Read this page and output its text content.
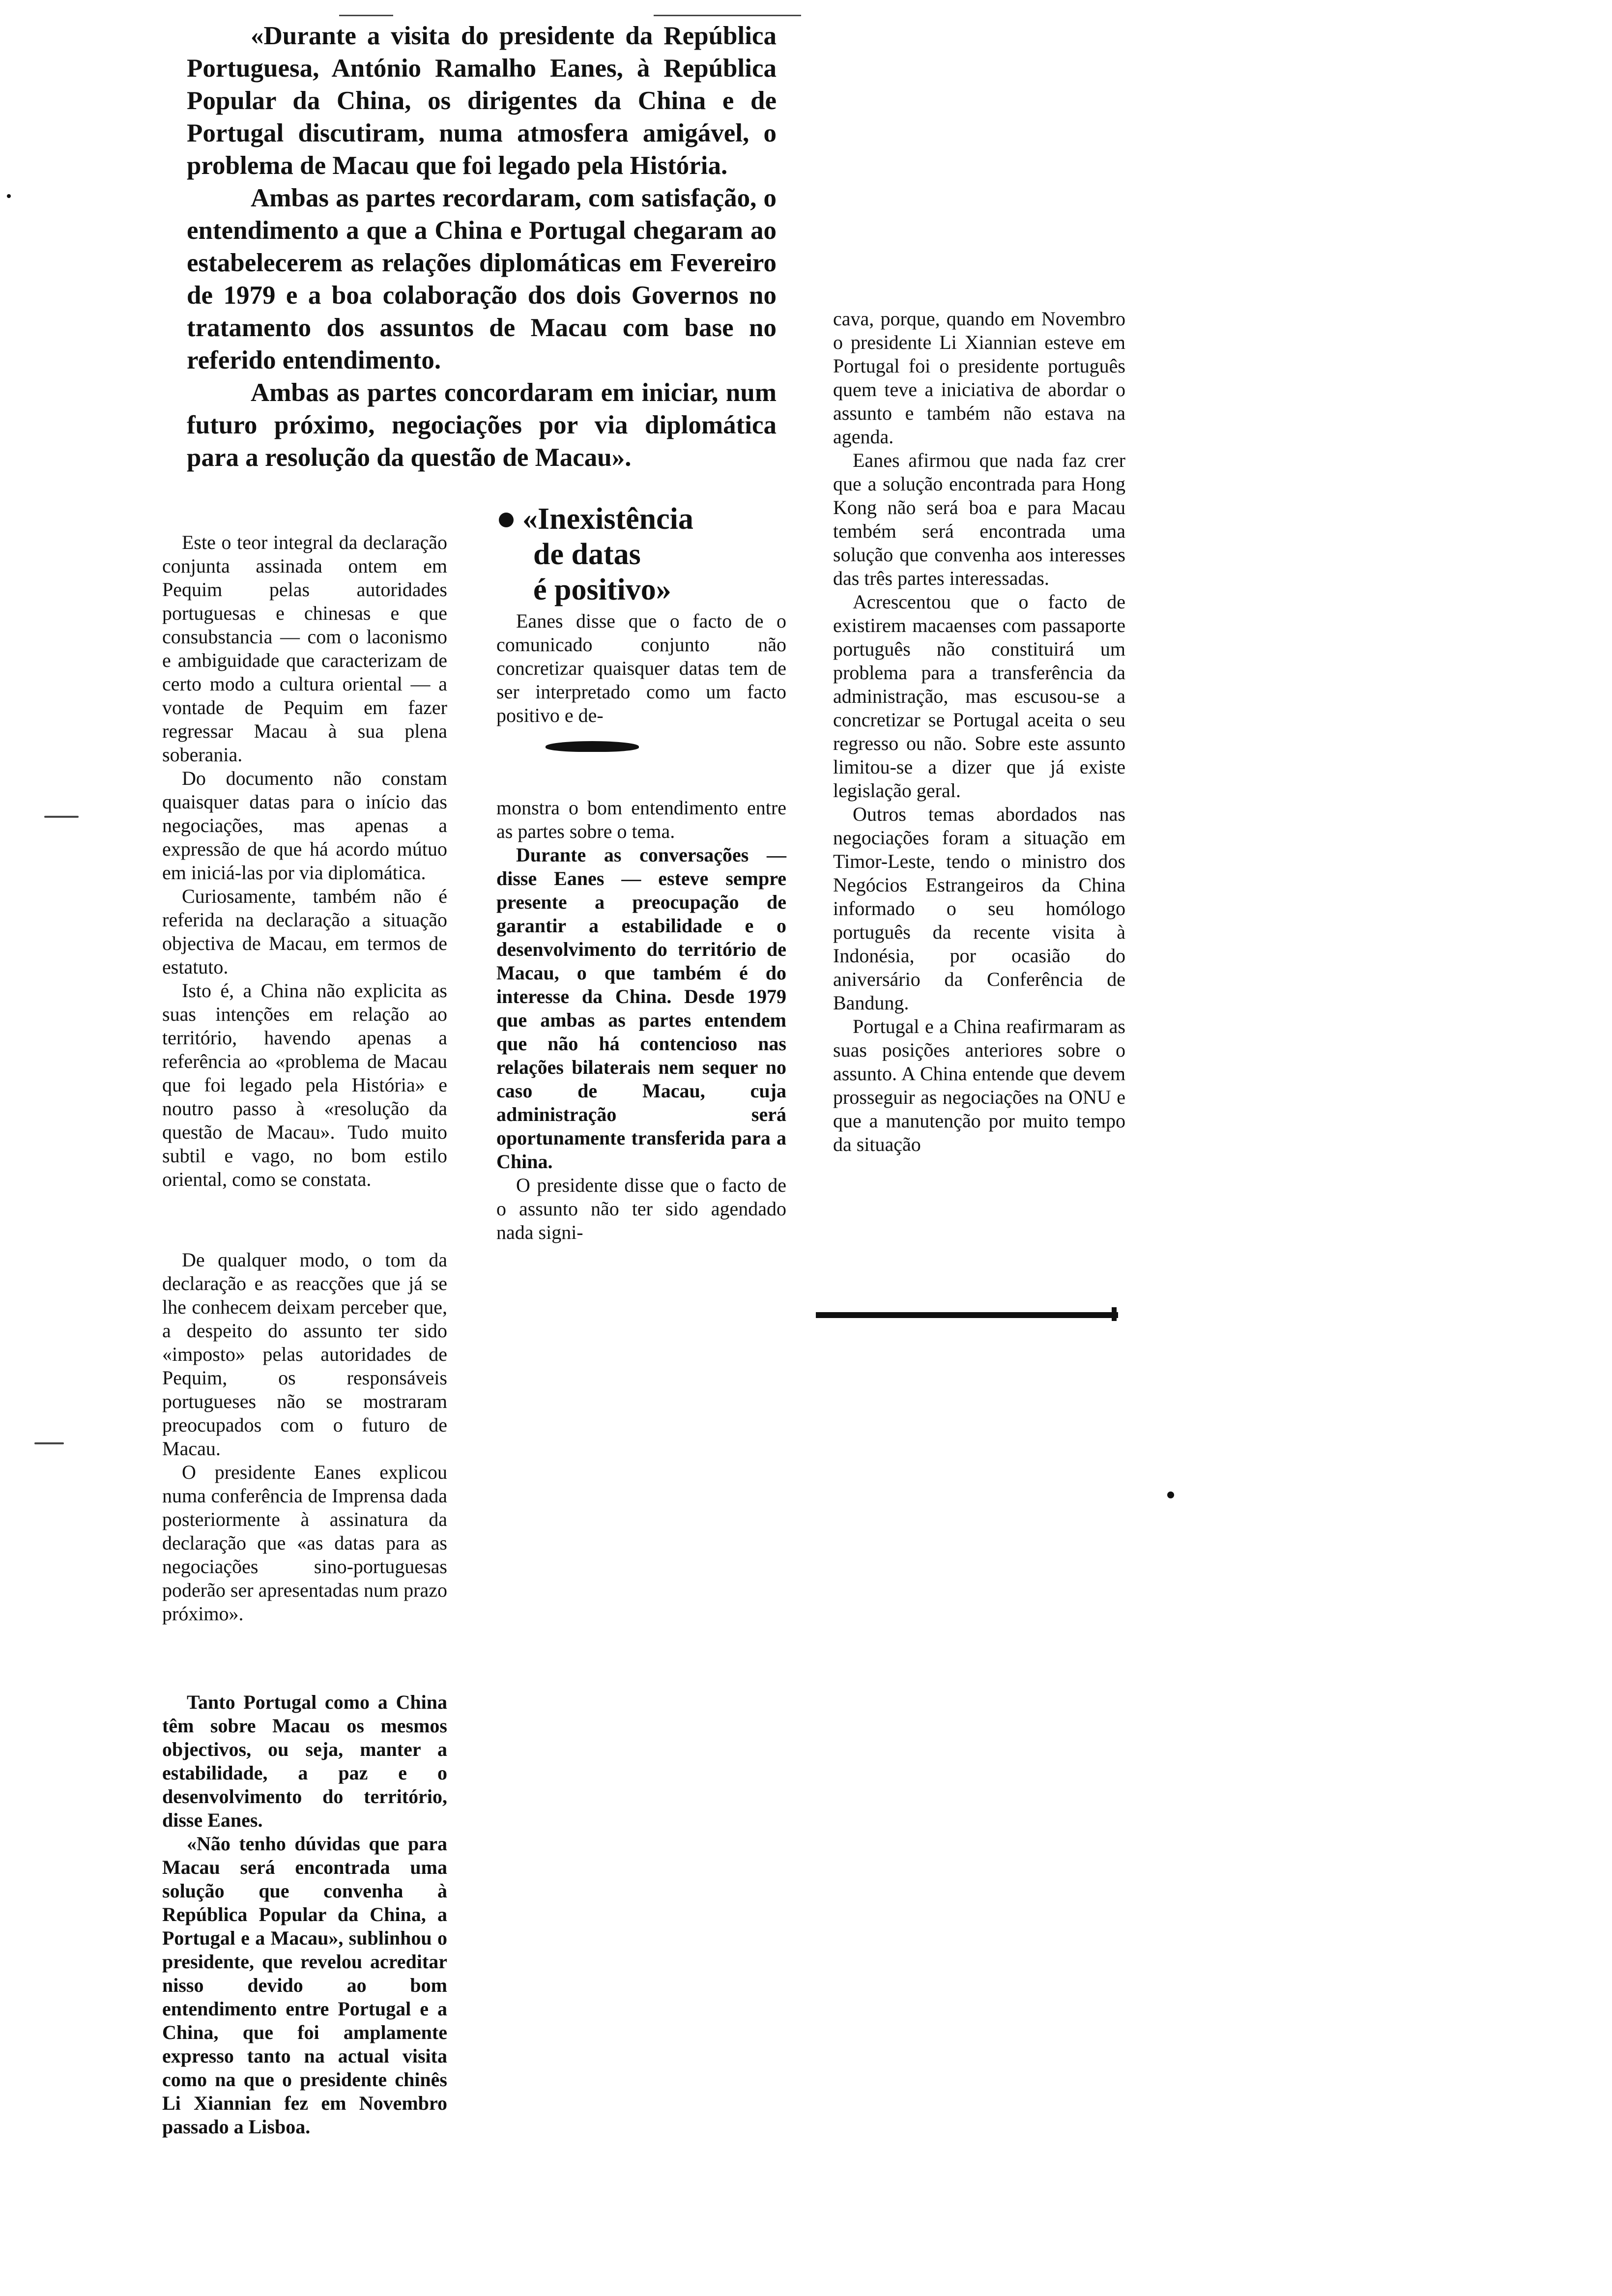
«Durante a visita do presidente da República Portuguesa, António Ramalho Eanes, à República Popular da China, os dirigentes da China e de Portugal discutiram, numa atmosfera amigável, o problema de Macau que foi legado pela História.

Ambas as partes recordaram, com satisfação, o entendimento a que a China e Portugal chegaram ao estabelecerem as relações diplomáticas em Fevereiro de 1979 e a boa colaboração dos dois Governos no tratamento dos assuntos de Macau com base no referido entendimento.

Ambas as partes concordaram em iniciar, num futuro próximo, negociações por via diplomática para a resolução da questão de Macau».

Este o teor integral da declaração conjunta assinada ontem em Pequim pelas autoridades portuguesas e chinesas e que consubstancia — com o laconismo e ambiguidade que caracterizam de certo modo a cultura oriental — a vontade de Pequim em fazer regressar Macau à sua plena soberania.

Do documento não constam quaisquer datas para o início das negociações, mas apenas a expressão de que há acordo mútuo em iniciá-las por via diplomática.

Curiosamente, também não é referida na declaração a situação objectiva de Macau, em termos de estatuto.

Isto é, a China não explicita as suas intenções em relação ao território, havendo apenas a referência ao «problema de Macau que foi legado pela História» e noutro passo à «resolução da questão de Macau». Tudo muito subtil e vago, no bom estilo oriental, como se constata.

De qualquer modo, o tom da declaração e as reacções que já se lhe conhecem deixam perceber que, a despeito do assunto ter sido «imposto» pelas autoridades de Pequim, os responsáveis portugueses não se mostraram preocupados com o futuro de Macau.

O presidente Eanes explicou numa conferência de Imprensa dada posteriormente à assinatura da declaração que «as datas para as negociações sino-portuguesas poderão ser apresentadas num prazo próximo».

Tanto Portugal como a China têm sobre Macau os mesmos objectivos, ou seja, manter a estabilidade, a paz e o desenvolvimento do território, disse Eanes.

«Não tenho dúvidas que para Macau será encontrada uma solução que convenha à República Popular da China, a Portugal e a Macau», sublinhou o presidente, que revelou acreditar nisso devido ao bom entendimento entre Portugal e a China, que foi amplamente expresso tanto na actual visita como na que o presidente chinês Li Xiannian fez em Novembro passado a Lisboa.

«Inexistência
de datas
é positivo»

Eanes disse que o facto de o comunicado conjunto não concretizar quaisquer datas tem de ser interpretado como um facto positivo e de-

monstra o bom entendimento entre as partes sobre o tema.

Durante as conversações — disse Eanes — esteve sempre presente a preocupação de garantir a estabilidade e o desenvolvimento do território de Macau, o que também é do interesse da China. Desde 1979 que ambas as partes entendem que não há contencioso nas relações bilaterais nem sequer no caso de Macau, cuja administração será oportunamente transferida para a China.

O presidente disse que o facto de o assunto não ter sido agendado nada signi-

cava, porque, quando em Novembro o presidente Li Xiannian esteve em Portugal foi o presidente português quem teve a iniciativa de abordar o assunto e também não estava na agenda.

Eanes afirmou que nada faz crer que a solução encontrada para Hong Kong não será boa e para Macau tembém será encontrada uma solução que convenha aos interesses das três partes interessadas.

Acrescentou que o facto de existirem macaenses com passaporte português não constituirá um problema para a transferência da administração, mas escusou-se a concretizar se Portugal aceita o seu regresso ou não. Sobre este assunto limitou-se a dizer que já existe legislação geral.

Outros temas abordados nas negociações foram a situação em Timor-Leste, tendo o ministro dos Negócios Estrangeiros da China informado o seu homólogo português da recente visita à Indonésia, por ocasião do aniversário da Conferência de Bandung.

Portugal e a China reafirmaram as suas posições anteriores sobre o assunto. A China entende que devem prosseguir as negociações na ONU e que a manutenção por muito tempo da situação
